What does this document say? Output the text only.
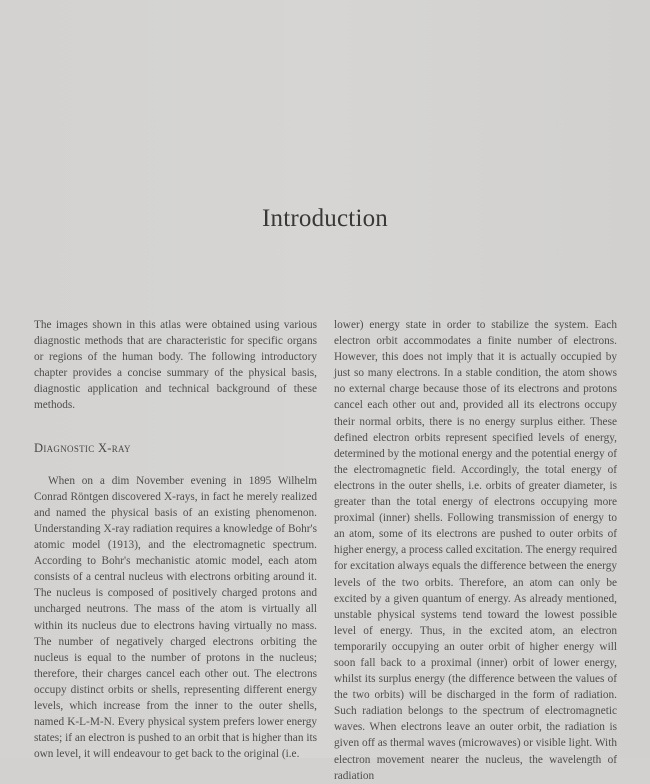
Introduction

The images shown in this atlas were obtained using various diagnostic methods that are characteristic for specific organs or regions of the human body. The following introductory chapter provides a concise summary of the physical basis, diagnostic application and technical background of these methods.

Diagnostic X-ray

When on a dim November evening in 1895 Wilhelm Conrad Röntgen discovered X-rays, in fact he merely realized and named the physical basis of an existing phenomenon. Understanding X-ray radiation requires a knowledge of Bohr's atomic model (1913), and the electromagnetic spectrum. According to Bohr's mechanistic atomic model, each atom consists of a central nucleus with electrons orbiting around it. The nucleus is composed of positively charged protons and uncharged neutrons. The mass of the atom is virtually all within its nucleus due to electrons having virtually no mass. The number of negatively charged electrons orbiting the nucleus is equal to the number of protons in the nucleus; therefore, their charges cancel each other out. The electrons occupy distinct orbits or shells, representing different energy levels, which increase from the inner to the outer shells, named K-L-M-N. Every physical system prefers lower energy states; if an electron is pushed to an orbit that is higher than its own level, it will endeavour to get back to the original (i.e.

lower) energy state in order to stabilize the system. Each electron orbit accommodates a finite number of electrons. However, this does not imply that it is actually occupied by just so many electrons. In a stable condition, the atom shows no external charge because those of its electrons and protons cancel each other out and, provided all its electrons occupy their normal orbits, there is no energy surplus either. These defined electron orbits represent specified levels of energy, determined by the motional energy and the potential energy of the electromagnetic field. Accordingly, the total energy of electrons in the outer shells, i.e. orbits of greater diameter, is greater than the total energy of electrons occupying more proximal (inner) shells. Following transmission of energy to an atom, some of its electrons are pushed to outer orbits of higher energy, a process called excitation. The energy required for excitation always equals the difference between the energy levels of the two orbits. Therefore, an atom can only be excited by a given quantum of energy. As already mentioned, unstable physical systems tend toward the lowest possible level of energy. Thus, in the excited atom, an electron temporarily occupying an outer orbit of higher energy will soon fall back to a proximal (inner) orbit of lower energy, whilst its surplus energy (the difference between the values of the two orbits) will be discharged in the form of radiation. Such radiation belongs to the spectrum of electromagnetic waves. When electrons leave an outer orbit, the radiation is given off as thermal waves (microwaves) or visible light. With electron movement nearer the nucleus, the wavelength of radiation
